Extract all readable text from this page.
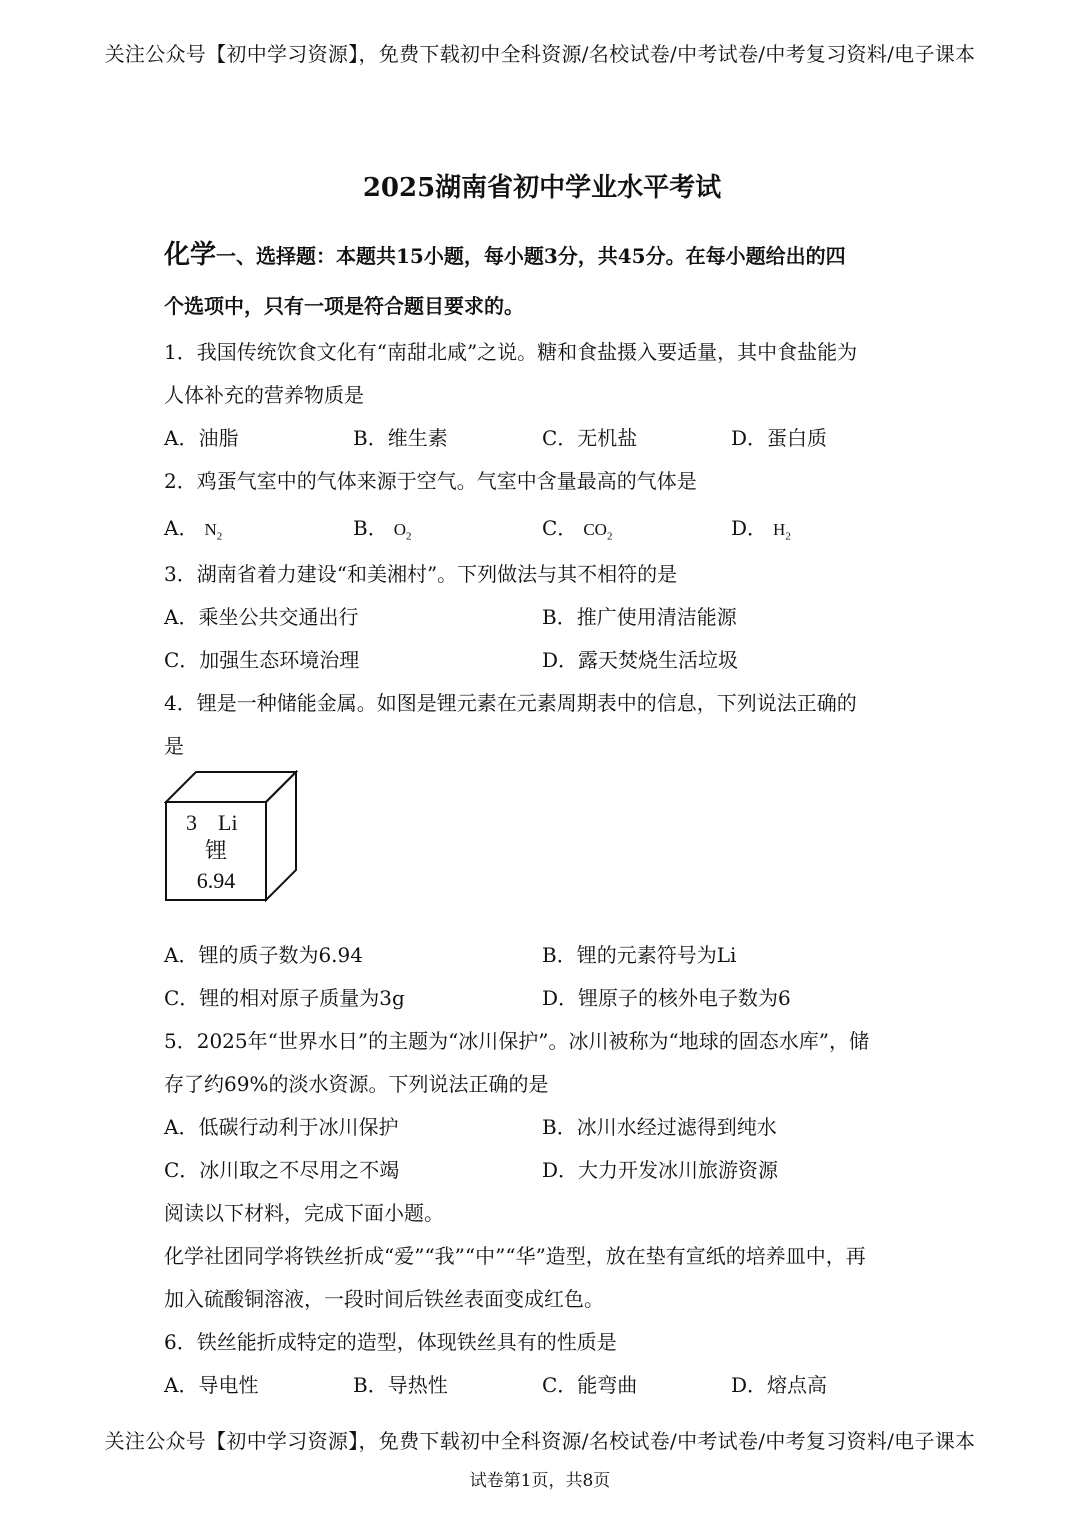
关注公众号【初中学习资源】，免费下载初中全科资源/名校试卷/中考试卷/中考复习资料/电子课本
2025湖南省初中学业水平考试
化学一、选择题：本题共15小题，每小题3分，共45分。在每小题给出的四
个选项中，只有一项是符合题目要求的。
1．我国传统饮食文化有“南甜北咸”之说。糖和食盐摄入要适量，其中食盐能为
人体补充的营养物质是
A．油脂	B．维生素	C．无机盐	D．蛋白质
2．鸡蛋气室中的气体来源于空气。气室中含量最高的气体是
A． $N_2$	B． $O_2$	C． $CO_2$	D． $H_2$
3．湖南省着力建设“和美湘村”。下列做法与其不相符的是
A．乘坐公共交通出行	B．推广使用清洁能源
C．加强生态环境治理	D．露天焚烧生活垃圾
4．锂是一种储能金属。如图是锂元素在元素周期表中的信息，下列说法正确的
是
3 Li
锂
6.94
A．锂的质子数为6.94	B．锂的元素符号为Li
C．锂的相对原子质量为3g	D．锂原子的核外电子数为6
5．2025年“世界水日”的主题为“冰川保护”。冰川被称为“地球的固态水库”，储
存了约69%的淡水资源。下列说法正确的是
A．低碳行动利于冰川保护	B．冰川水经过滤得到纯水
C．冰川取之不尽用之不竭	D．大力开发冰川旅游资源
阅读以下材料，完成下面小题。
化学社团同学将铁丝折成“爱”“我”“中”“华”造型，放在垫有宣纸的培养皿中，再
加入硫酸铜溶液，一段时间后铁丝表面变成红色。
6．铁丝能折成特定的造型，体现铁丝具有的性质是
A．导电性	B．导热性	C．能弯曲	D．熔点高
关注公众号【初中学习资源】，免费下载初中全科资源/名校试卷/中考试卷/中考复习资料/电子课本
试卷第1页，共8页
